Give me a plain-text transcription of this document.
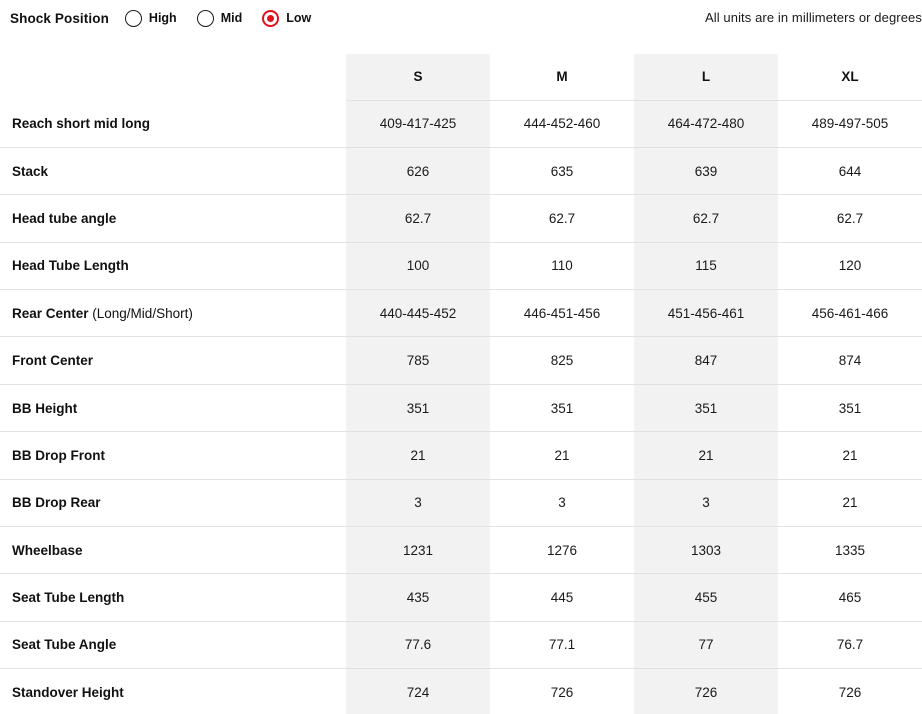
Shock Position	High	Mid	Low	All units are in millimeters or degrees
	S	M	L	XL
Reach short mid long	409-417-425	444-452-460	464-472-480	489-497-505
Stack	626	635	639	644
Head tube angle	62.7	62.7	62.7	62.7
Head Tube Length	100	110	115	120
Rear Center (Long/Mid/Short)	440-445-452	446-451-456	451-456-461	456-461-466
Front Center	785	825	847	874
BB Height	351	351	351	351
BB Drop Front	21	21	21	21
BB Drop Rear	3	3	3	21
Wheelbase	1231	1276	1303	1335
Seat Tube Length	435	445	455	465
Seat Tube Angle	77.6	77.1	77	76.7
Standover Height	724	726	726	726
